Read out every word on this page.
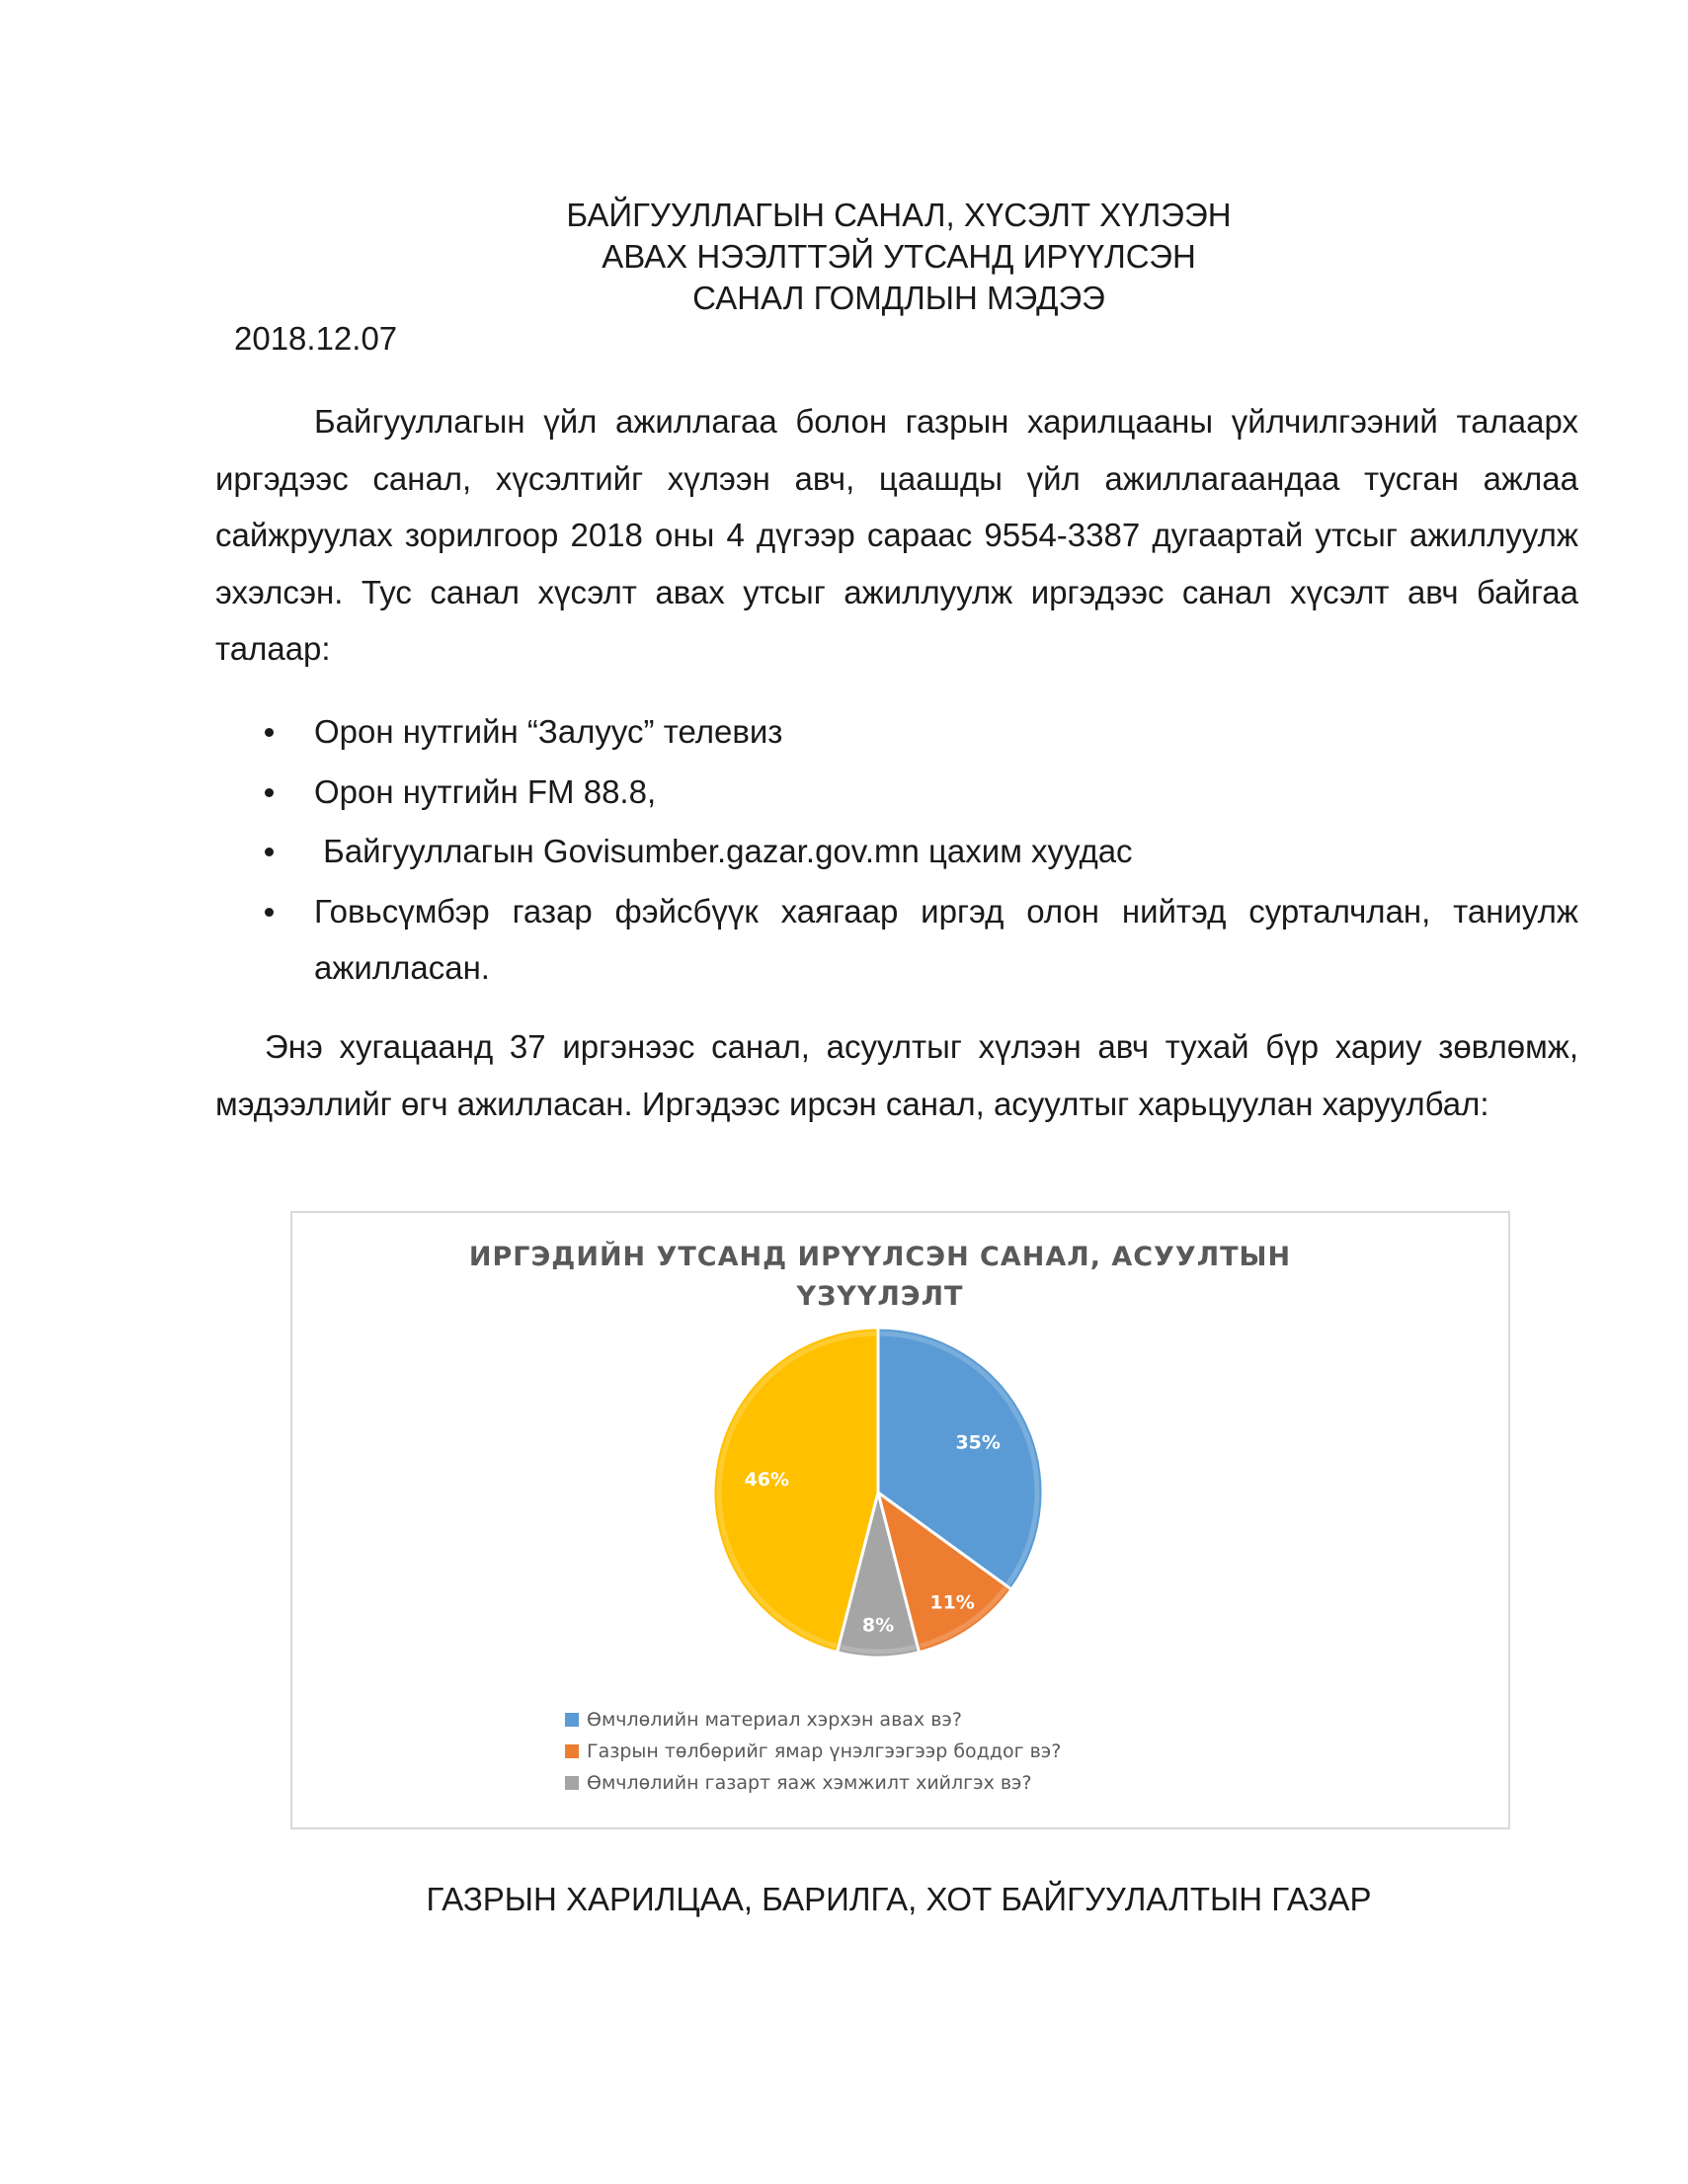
БАЙГУУЛЛАГЫН САНАЛ, ХҮСЭЛТ ХҮЛЭЭН
АВАХ НЭЭЛТТЭЙ УТСАНД ИРҮҮЛСЭН
САНАЛ ГОМДЛЫН МЭДЭЭ
2018.12.07
Байгууллагын үйл ажиллагаа болон газрын харилцааны үйлчилгээний талаарх иргэдээс санал, хүсэлтийг хүлээн авч, цаашды үйл ажиллагаандаа тусган ажлаа сайжруулах зорилгоор 2018 оны 4 дүгээр сараас 9554-3387 дугаартай утсыг ажиллуулж эхэлсэн. Тус санал хүсэлт авах утсыг ажиллуулж иргэдээс санал хүсэлт авч байгаа талаар:
Орон нутгийн “Залуус” телевиз
Орон нутгийн FM 88.8,
Байгууллагын Govisumber.gazar.gov.mn цахим хуудас
Говьсүмбэр газар фэйсбүүк хаягаар иргэд олон нийтэд сурталчлан, таниулж ажилласан.
Энэ хугацаанд 37 иргэнээс санал, асуултыг хүлээн авч тухай бүр хариу зөвлөмж, мэдээллийг өгч ажилласан. Иргэдээс ирсэн санал, асуултыг харьцуулан харуулбал:
ИРГЭДИЙН УТСАНД ИРҮҮЛСЭН САНАЛ, АСУУЛТЫН
ҮЗҮҮЛЭЛТ
35%
11%
8%
46%
Өмчлөлийн материал хэрхэн авах вэ?
Газрын төлбөрийг ямар үнэлгээгээр боддог вэ?
Өмчлөлийн газарт яаж хэмжилт хийлгэх вэ?
ГАЗРЫН ХАРИЛЦАА, БАРИЛГА, ХОТ БАЙГУУЛАЛТЫН ГАЗАР
